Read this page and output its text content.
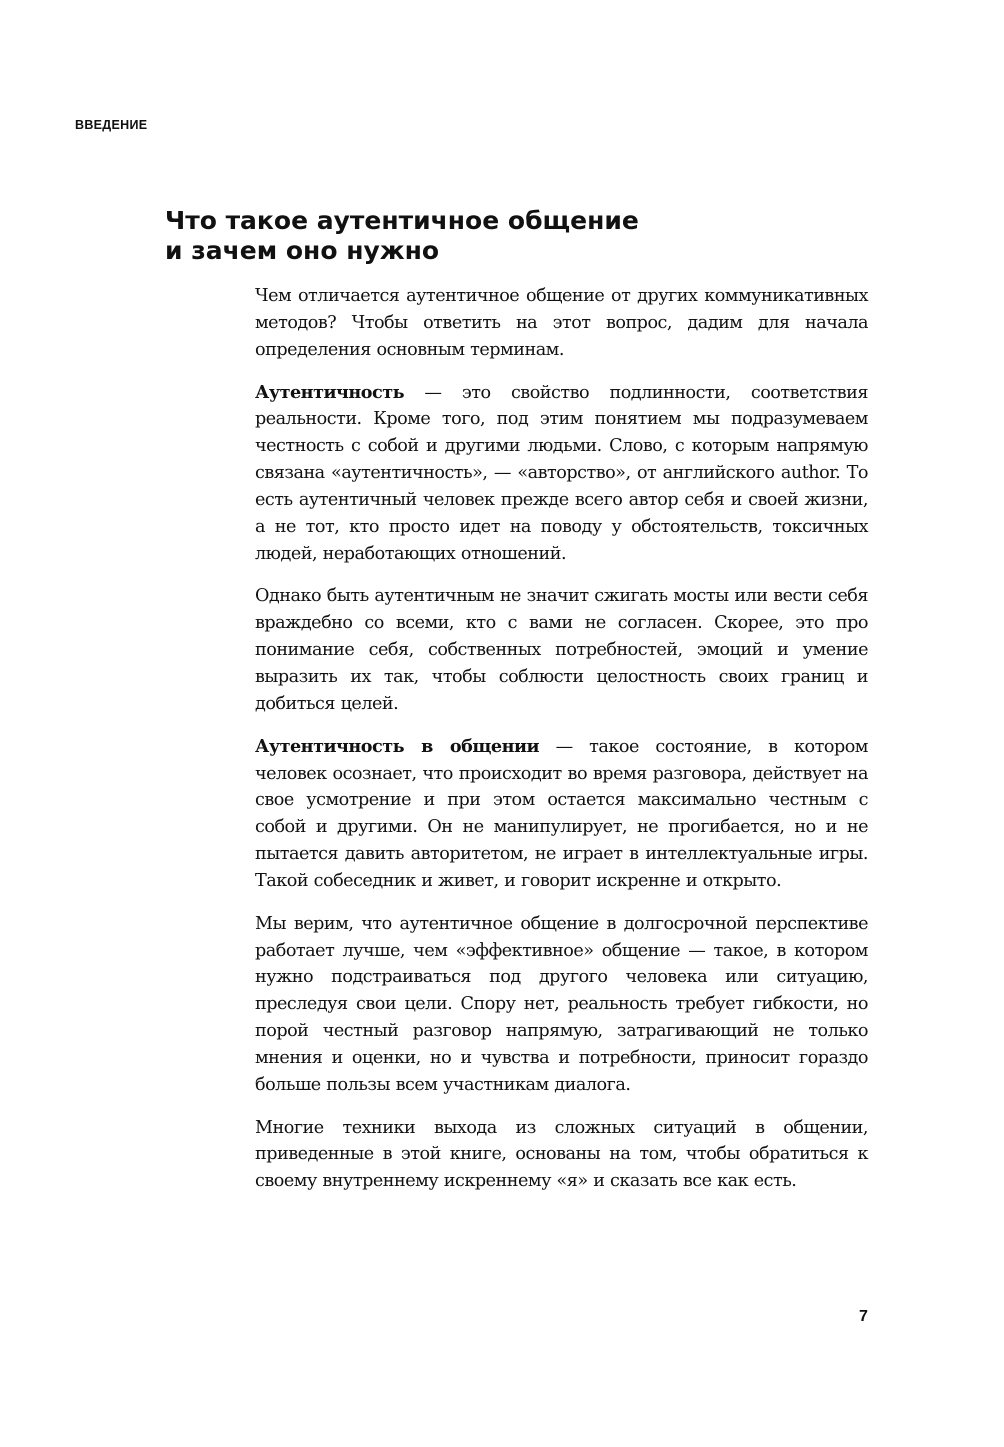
ВВЕДЕНИЕ
Что такое аутентичное общение
и зачем оно нужно

Чем отличается аутентичное общение от других коммуникативных методов? Чтобы ответить на этот вопрос, дадим для начала определения основным терминам.

Аутентичность — это свойство подлинности, соответствия реальности. Кроме того, под этим понятием мы подразумеваем честность с собой и другими людьми. Слово, с которым напрямую связана «аутентичность», — «авторство», от английского author. То есть аутентичный человек прежде всего автор себя и своей жизни, а не тот, кто просто идет на поводу у обстоятельств, токсичных людей, неработающих отношений.

Однако быть аутентичным не значит сжигать мосты или вести себя враждебно со всеми, кто с вами не согласен. Скорее, это про понимание себя, собственных потребностей, эмоций и умение выразить их так, чтобы соблюсти целостность своих границ и добиться целей.

Аутентичность в общении — такое состояние, в котором человек осознает, что происходит во время разговора, действует на свое усмотрение и при этом остается максимально честным с собой и другими. Он не манипулирует, не прогибается, но и не пытается давить авторитетом, не играет в интеллектуальные игры. Такой собеседник и живет, и говорит искренне и открыто.

Мы верим, что аутентичное общение в долгосрочной перспективе работает лучше, чем «эффективное» общение — такое, в котором нужно подстраиваться под другого человека или ситуацию, преследуя свои цели. Спору нет, реальность требует гибкости, но порой честный разговор напрямую, затрагивающий не только мнения и оценки, но и чувства и потребности, приносит гораздо больше пользы всем участникам диалога.

Многие техники выхода из сложных ситуаций в общении, приведенные в этой книге, основаны на том, чтобы обратиться к своему внутреннему искреннему «я» и сказать все как есть.

7
